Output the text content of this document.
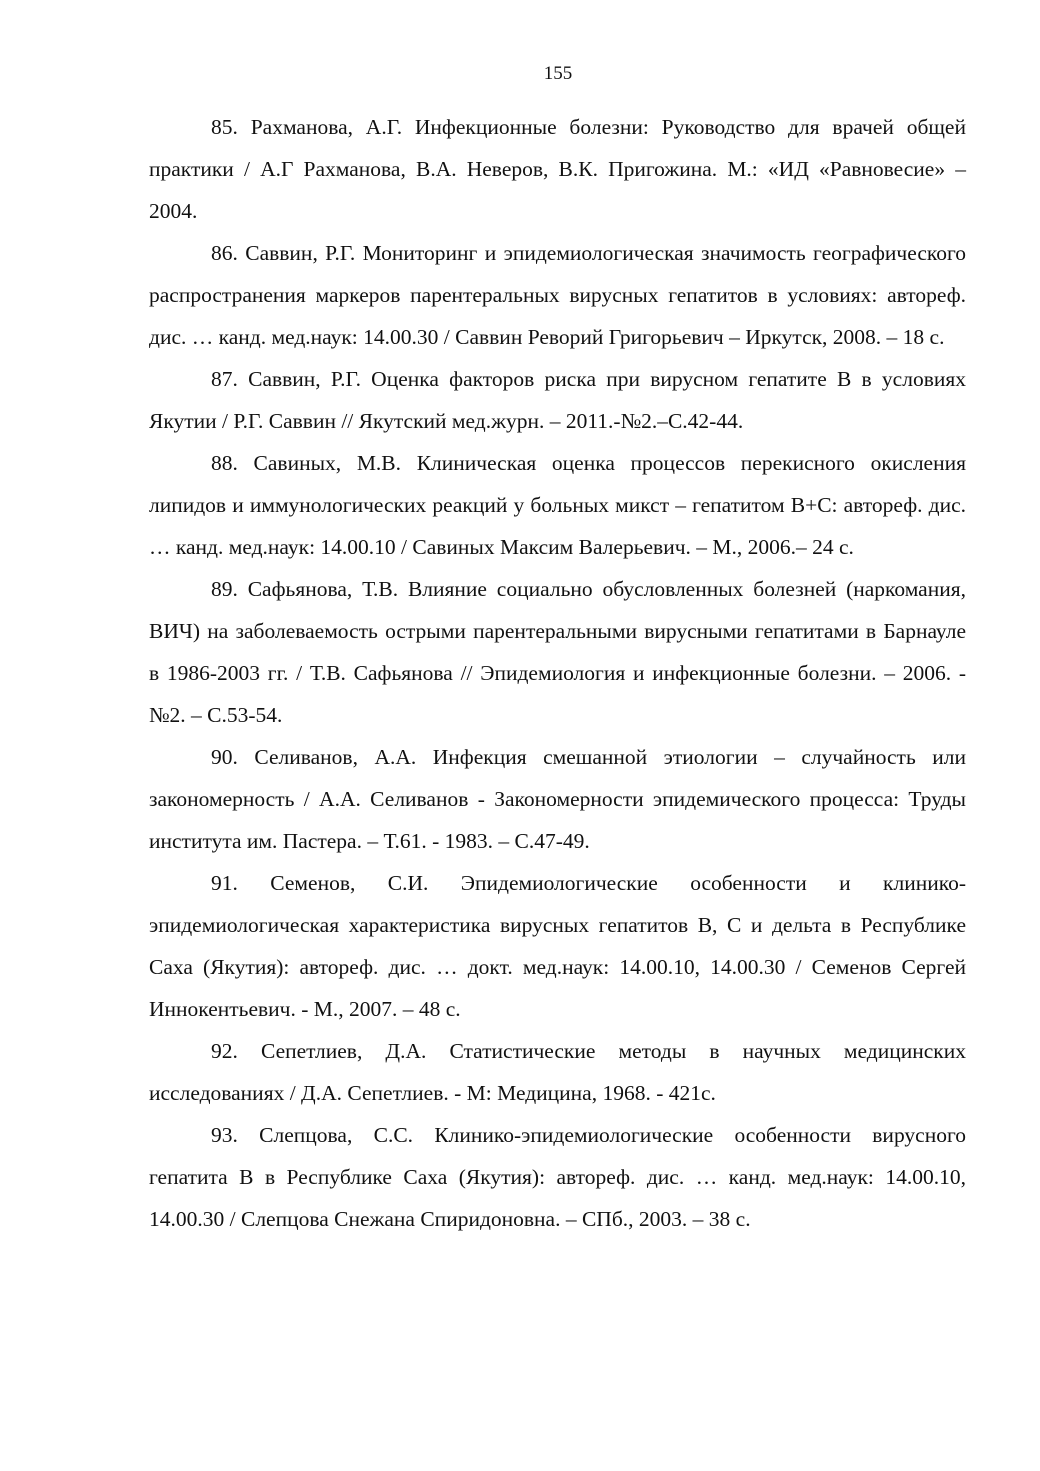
155

85. Рахманова, А.Г. Инфекционные болезни: Руководство для врачей общей практики / А.Г Рахманова, В.А. Неверов, В.К. Пригожина. М.: «ИД «Равновесие» – 2004.

86. Саввин, Р.Г. Мониторинг и эпидемиологическая значимость географического распространения маркеров парентеральных вирусных гепатитов в условиях: автореф. дис. … канд. мед.наук: 14.00.30 / Саввин Реворий Григорьевич – Иркутск, 2008. – 18 с.

87. Саввин, Р.Г. Оценка факторов риска при вирусном гепатите В в условиях Якутии / Р.Г. Саввин // Якутский мед.журн. – 2011.-№2.–С.42-44.

88. Савиных, М.В. Клиническая оценка процессов перекисного окисления липидов и иммунологических реакций у больных микст – гепатитом В+С: автореф. дис. … канд. мед.наук: 14.00.10 / Савиных Максим Валерьевич. – М., 2006.– 24 с.

89. Сафьянова, Т.В. Влияние социально обусловленных болезней (наркомания, ВИЧ) на заболеваемость острыми парентеральными вирусными гепатитами в Барнауле в 1986-2003 гг. / Т.В. Сафьянова // Эпидемиология и инфекционные болезни. – 2006. - №2. – С.53-54.

90. Селиванов, А.А. Инфекция смешанной этиологии – случайность или закономерность / А.А. Селиванов - Закономерности эпидемического процесса: Труды института им. Пастера. – Т.61. - 1983. – С.47-49.

91. Семенов, С.И. Эпидемиологические особенности и клинико-эпидемиологическая характеристика вирусных гепатитов В, С и дельта в Республике Саха (Якутия): автореф. дис. … докт. мед.наук: 14.00.10, 14.00.30 / Семенов Сергей Иннокентьевич. - М., 2007. – 48 с.

92. Сепетлиев, Д.А. Статистические методы в научных медицинских исследованиях / Д.А. Сепетлиев. - М: Медицина, 1968. - 421с.

93. Слепцова, С.С. Клинико-эпидемиологические особенности вирусного гепатита В в Республике Саха (Якутия): автореф. дис. … канд. мед.наук: 14.00.10, 14.00.30 / Слепцова Снежана Спиридоновна. – СПб., 2003. – 38 с.
